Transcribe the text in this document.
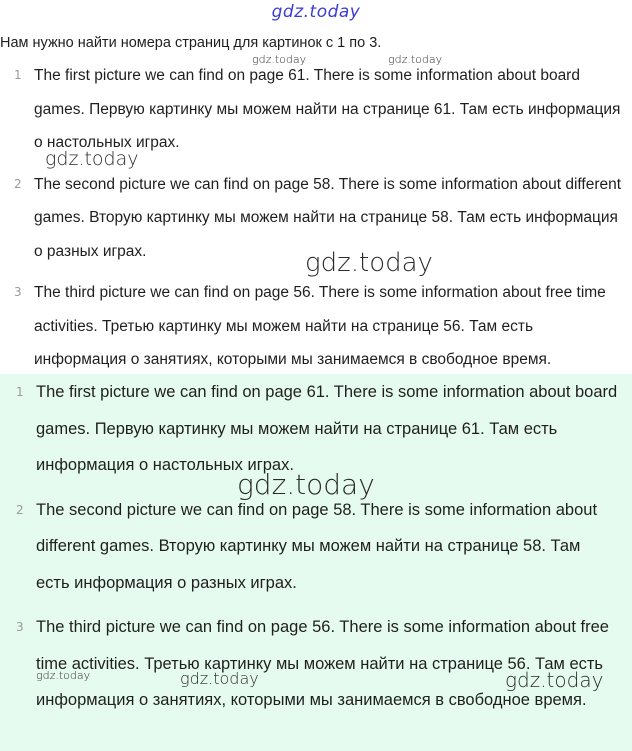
gdz.today
Нам нужно найти номера страниц для картинок с 1 по 3.
1 The first picture we can find on page 61. There is some information about board games. Первую картинку мы можем найти на странице 61. Там есть информация о настольных играх.
2 The second picture we can find on page 58. There is some information about different games. Вторую картинку мы можем найти на странице 58. Там есть информация о разных играх.
3 The third picture we can find on page 56. There is some information about free time activities. Третью картинку мы можем найти на странице 56. Там есть информация о занятиях, которыми мы занимаемся в свободное время.
1 The first picture we can find on page 61. There is some information about board games. Первую картинку мы можем найти на странице 61. Там есть информация о настольных играх.
2 The second picture we can find on page 58. There is some information about different games. Вторую картинку мы можем найти на странице 58. Там есть информация о разных играх.
3 The third picture we can find on page 56. There is some information about free time activities. Третью картинку мы можем найти на странице 56. Там есть информация о занятиях, которыми мы занимаемся в свободное время.
gdz.today	gdz.today
gdz.today
gdz.today
gdz.today
gdz.today	gdz.today	gdz.today
